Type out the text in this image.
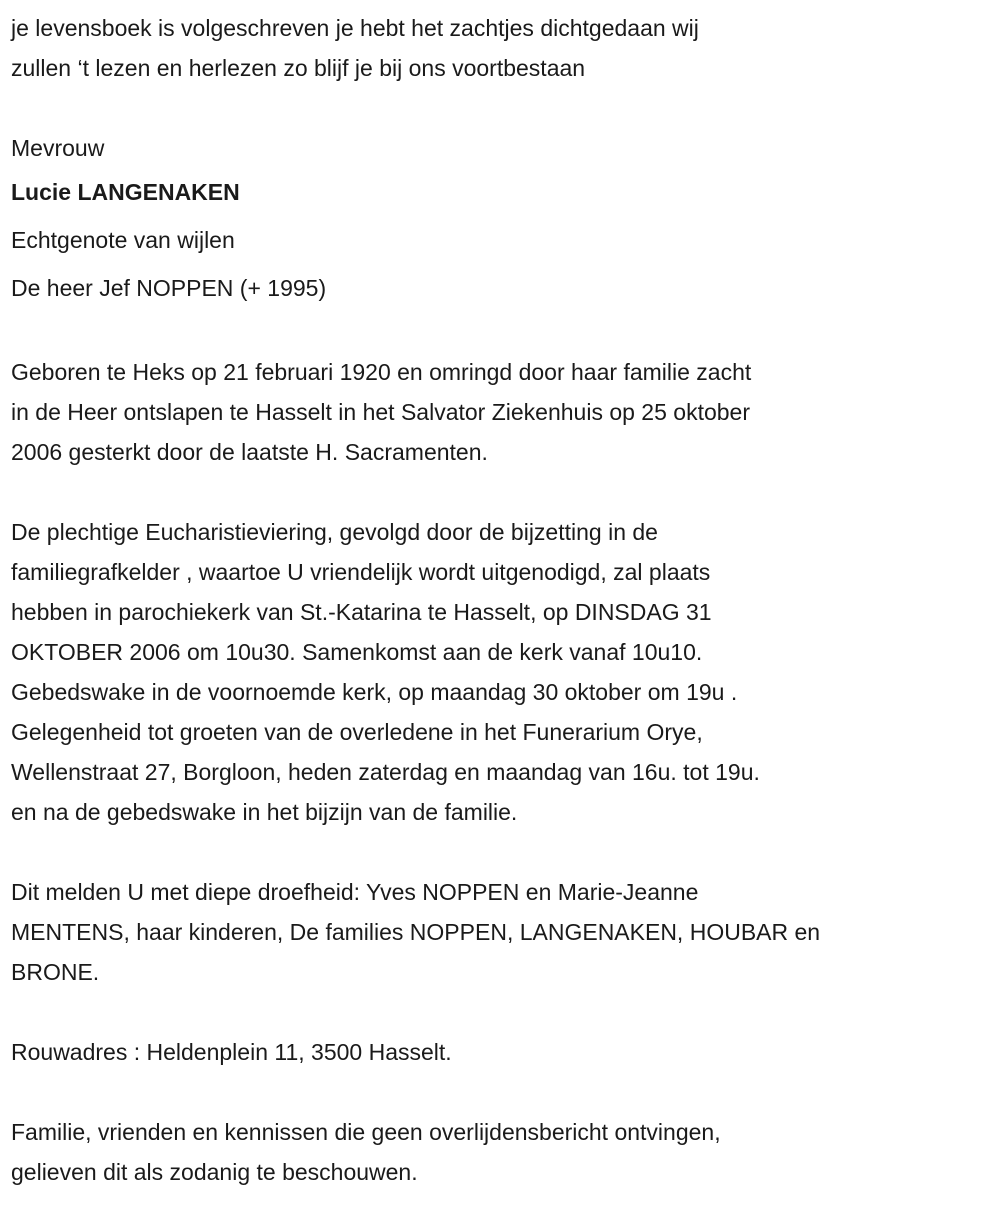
je levensboek is volgeschreven je hebt het zachtjes dichtgedaan wij
zullen ‘t lezen en herlezen zo blijf je bij ons voortbestaan
Mevrouw
Lucie LANGENAKEN
Echtgenote van wijlen
De heer Jef NOPPEN (+ 1995)
Geboren te Heks op 21 februari 1920 en omringd door haar familie zacht
in de Heer ontslapen te Hasselt in het Salvator Ziekenhuis op 25 oktober
2006 gesterkt door de laatste H. Sacramenten.
De plechtige Eucharistieviering, gevolgd door de bijzetting in de
familiegrafkelder , waartoe U vriendelijk wordt uitgenodigd, zal plaats
hebben in parochiekerk van St.-Katarina te Hasselt, op DINSDAG 31
OKTOBER 2006 om 10u30. Samenkomst aan de kerk vanaf 10u10.
Gebedswake in de voornoemde kerk, op maandag 30 oktober om 19u .
Gelegenheid tot groeten van de overledene in het Funerarium Orye,
Wellenstraat 27, Borgloon, heden zaterdag en maandag van 16u. tot 19u.
en na de gebedswake in het bijzijn van de familie.
Dit melden U met diepe droefheid: Yves NOPPEN en Marie-Jeanne
MENTENS, haar kinderen, De families NOPPEN, LANGENAKEN, HOUBAR en
BRONE.
Rouwadres : Heldenplein 11, 3500 Hasselt.
Familie, vrienden en kennissen die geen overlijdensbericht ontvingen,
gelieven dit als zodanig te beschouwen.
